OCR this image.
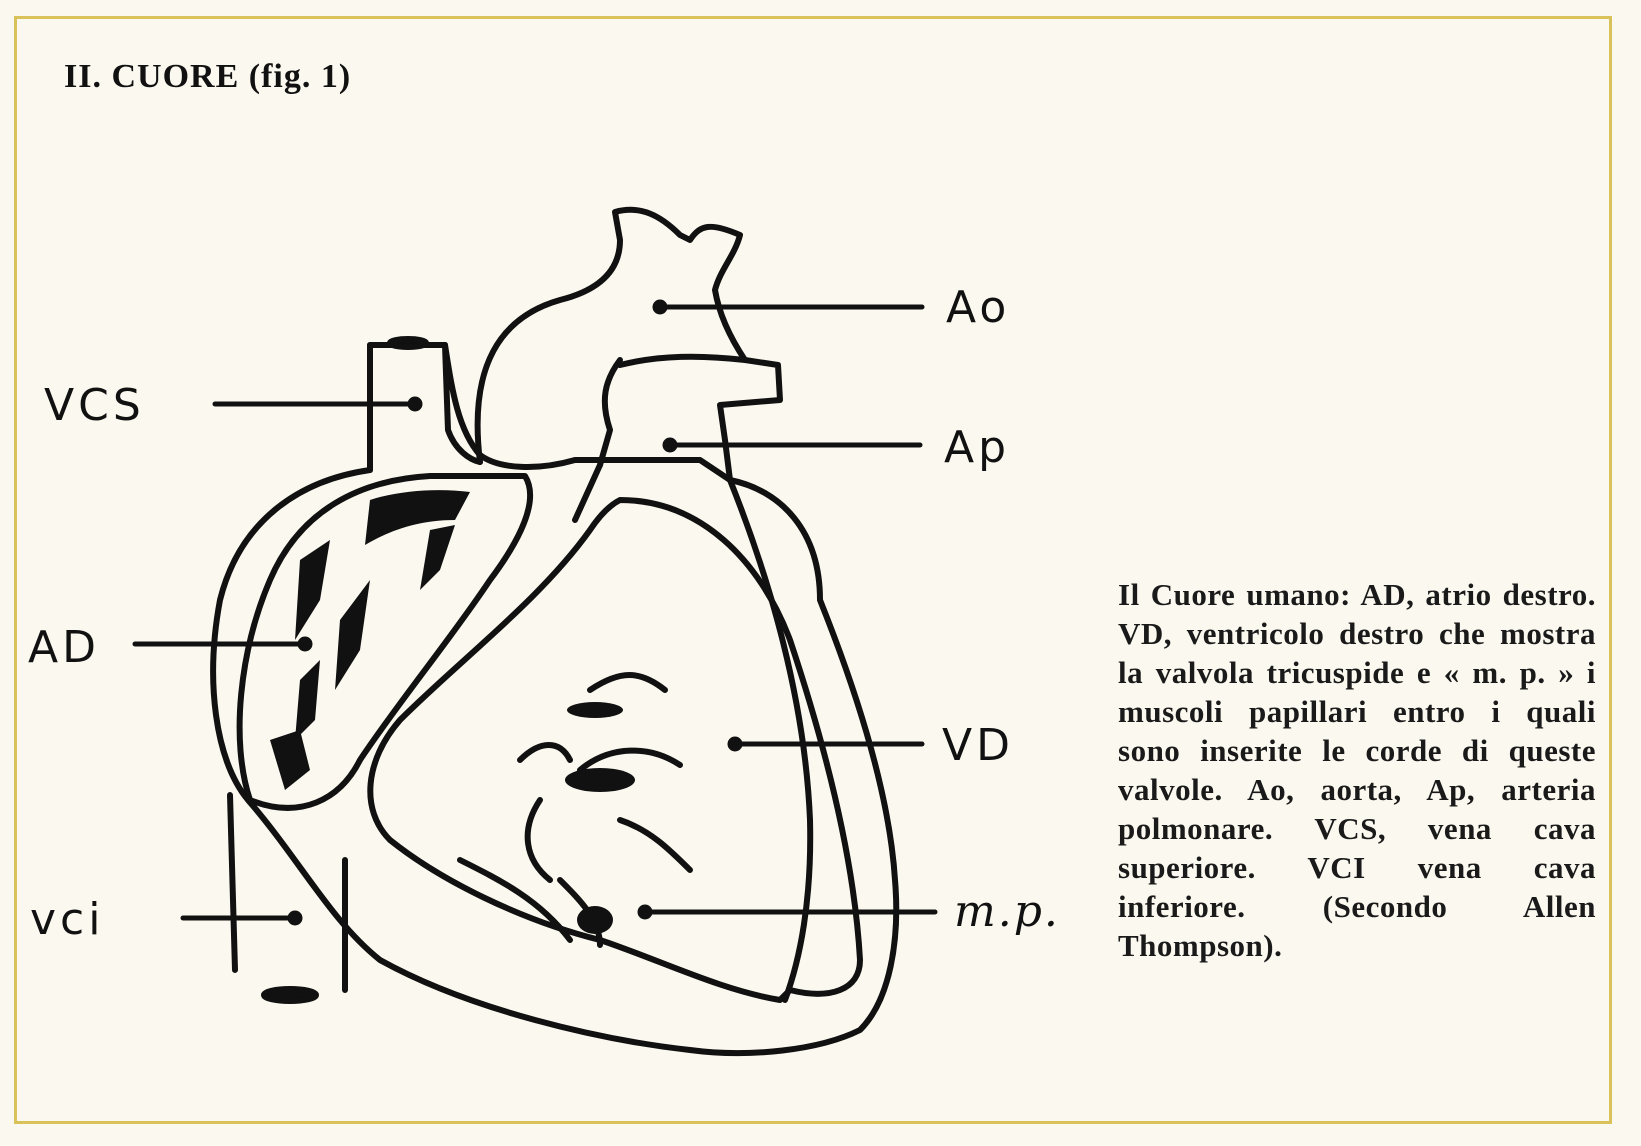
II. CUORE (fig. 1)
Ao
Ap
VCS
AD
VD
vci	m.p.
Il Cuore umano: AD, atrio destro. VD, ventricolo destro che mostra la valvola tricuspide e « m. p. » i muscoli papillari entro i quali sono inserite le corde di queste valvole. Ao, aorta, Ap, arteria polmonare. VCS, vena cava superiore. VCI vena cava inferiore. (Secondo Allen Thompson).
